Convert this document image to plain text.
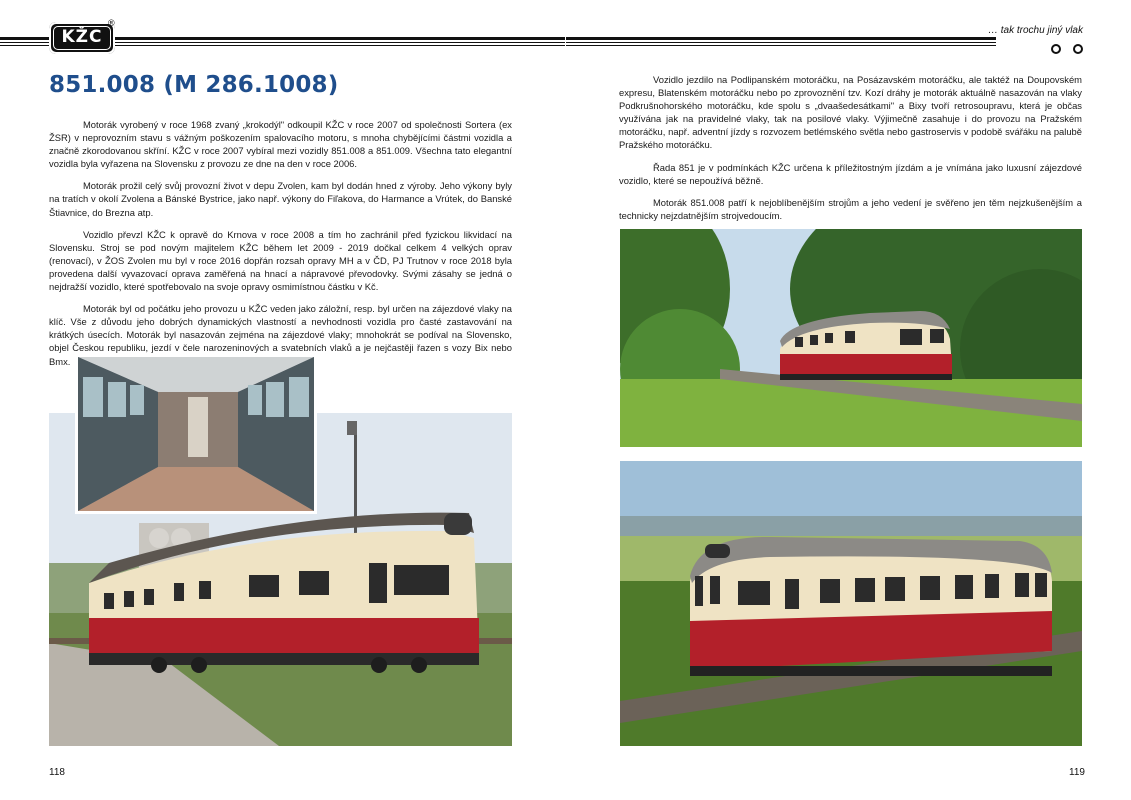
KŽC
®
851.008 (M 286.1008)

Motorák vyrobený v roce 1968 zvaný „krokodýl" odkoupil KŽC v roce 2007 od společnosti Sortera (ex ŽSR) v neprovozním stavu s vážným poškozením spalovacího motoru, s mnoha chybějícími částmi vozidla a značně zkorodovanou skříní. KŽC v roce 2007 vybíral mezi vozidly 851.008 a 851.009. Všechna tato elegantní vozidla byla vyřazena na Slovensku z provozu ze dne na den v roce 2006.

Motorák prožil celý svůj provozní život v depu Zvolen, kam byl dodán hned z výroby. Jeho výkony byly na tratích v okolí Zvolena a Bánské Bystrice, jako např. výkony do Fiľakova, do Harmance a Vrútek, do Banské Štiavnice, do Brezna atp.

Vozidlo převzl KŽC k opravě do Krnova v roce 2008 a tím ho zachránil před fyzickou likvidací na Slovensku. Stroj se pod novým majitelem KŽC během let 2009 - 2019 dočkal celkem 4 velkých oprav (renovací), v ŽOS Zvolen mu byl v roce 2016 dopřán rozsah opravy MH a v ČD, PJ Trutnov v roce 2018 byla provedena další vyvazovací oprava zaměřená na hnací a nápravové převodovky. Svými zásahy se jedná o nejdražší vozidlo, které spotřebovalo na svoje opravy osmimístnou částku v Kč.

Motorák byl od počátku jeho provozu u KŽC veden jako záložní, resp. byl určen na zájezdové vlaky na klíč. Vše z důvodu jeho dobrých dynamických vlastností a nevhodnosti vozidla pro časté zastavování na krátkých úsecích. Motorák byl nasazován zejména na zájezdové vlaky; mnohokrát se podíval na Slovensko, objel Českou republiku, jezdí v čele narozeninových a svatebních vlaků a je nejčastěji řazen s vozy Bix nebo Bmx.

118
… tak trochu jiný vlak

Vozidlo jezdilo na Podlipanském motoráčku, na Posázavském motoráčku, ale taktéž na Doupovském expresu, Blatenském motoráčku nebo po zprovoznění tzv. Kozí dráhy je motorák aktuálně nasazován na vlaky Podkrušnohorského motoráčku, kde spolu s „dvaašedesátkami" a Bixy tvoří retrosoupravu, která je občas využívána jak na pravidelné vlaky, tak na posilové vlaky. Výjimečně zasahuje i do provozu na Pražském motoráčku, např. adventní jízdy s rozvozem betlémského světla nebo gastroservis v podobě svářáku na palubě Pražského motoráčku.

Řada 851 je v podmínkách KŽC určena k příležitostným jízdám a je vnímána jako luxusní zájezdové vozidlo, které se nepoužívá běžně.

Motorák 851.008 patří k nejoblíbenějším strojům a jeho vedení je svěřeno jen těm nejzkušenějším a technicky nejzdatnějším strojvedoucím.

119
